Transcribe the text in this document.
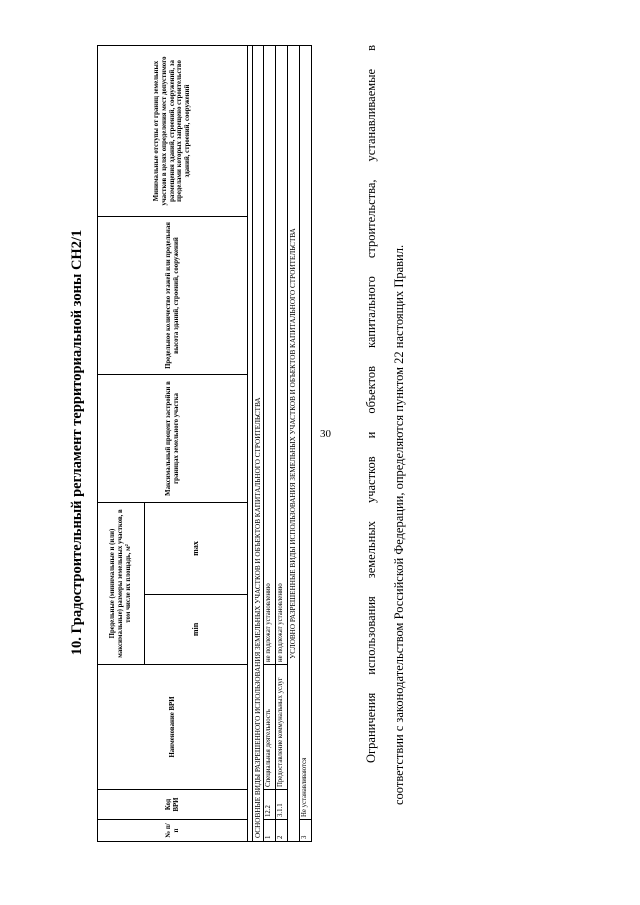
30
10. Градостроительный регламент территориальной зоны СН2/1
№ п/п	Код ВРИ	Наименование ВРИ	Предельные (минимальные и (или) максимальные) размеры земельных участков, в том числе их площадь, м²		Максимальный процент застройки в границах земельного участка	Предельное количество этажей или предельная высота зданий, строений, сооружений	Минимальные отступы от границ земельных участков в целях определения мест допустимого размещения зданий, строений, сооружений, за пределами которых запрещено строительство зданий, строений, сооружений
			min	max			

ОСНОВНЫЕ ВИДЫ РАЗРЕШЕННОГО ИСПОЛЬЗОВАНИЯ ЗЕМЕЛЬНЫХ УЧАСТКОВ И ОБЪЕКТОВ КАПИТАЛЬНОГО СТРОИТЕЛЬСТВА							
1	12.2	Специальная деятельность	не подлежат установлению				
2	3.1.1	Предоставление коммунальных услуг	не подлежат установлению				
УСЛОВНО РАЗРЕШЕННЫЕ ВИДЫ ИСПОЛЬЗОВАНИЯ ЗЕМЕЛЬНЫХ УЧАСТКОВ И ОБЪЕКТОВ КАПИТАЛЬНОГО СТРОИТЕЛЬСТВА							
3	Не устанавливаются						
Ограничения использования земельных участков и объектов капитального строительства, устанавливаемые в	соответствии с законодательством Российской Федерации, определяются пунктом 22 настоящих Правил.
